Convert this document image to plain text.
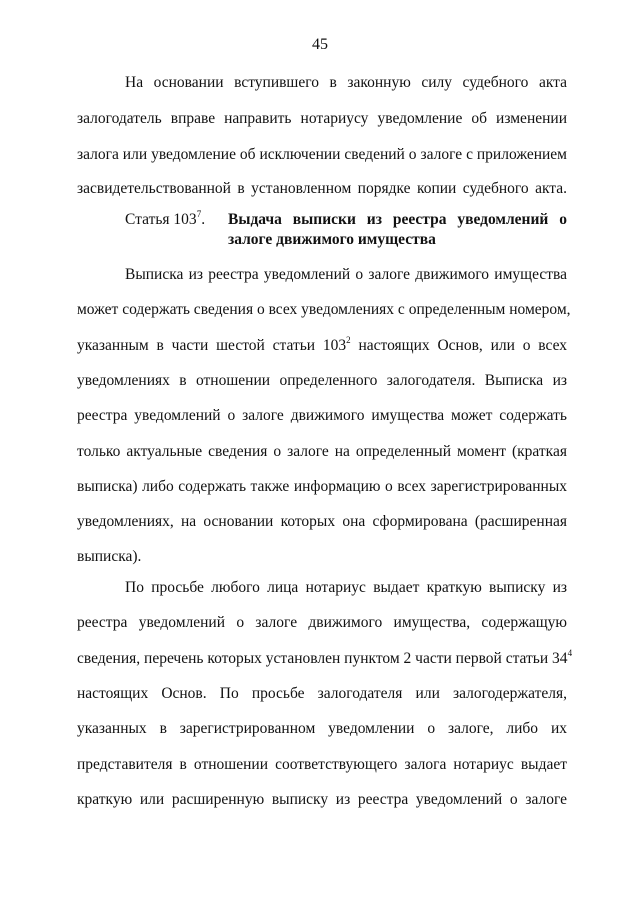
45
На основании вступившего в законную силу судебного акта
залогодатель вправе направить нотариусу уведомление об изменении
залога или уведомление об исключении сведений о залоге с приложением
засвидетельствованной в установленном порядке копии судебного акта.
Статья $103^7$. Выдача выписки из реестра уведомлений о
залоге движимого имущества
Выписка из реестра уведомлений о залоге движимого имущества
может содержать сведения о всех уведомлениях с определенным номером,
указанным в части шестой статьи $103^2$ настоящих Основ, или о всех
уведомлениях в отношении определенного залогодателя. Выписка из
реестра уведомлений о залоге движимого имущества может содержать
только актуальные сведения о залоге на определенный момент (краткая
выписка) либо содержать также информацию о всех зарегистрированных
уведомлениях, на основании которых она сформирована (расширенная
выписка).
По просьбе любого лица нотариус выдает краткую выписку из
реестра уведомлений о залоге движимого имущества, содержащую
сведения, перечень которых установлен пунктом 2 части первой статьи $34^4$
настоящих Основ. По просьбе залогодателя или залогодержателя,
указанных в зарегистрированном уведомлении о залоге, либо их
представителя в отношении соответствующего залога нотариус выдает
краткую или расширенную выписку из реестра уведомлений о залоге
